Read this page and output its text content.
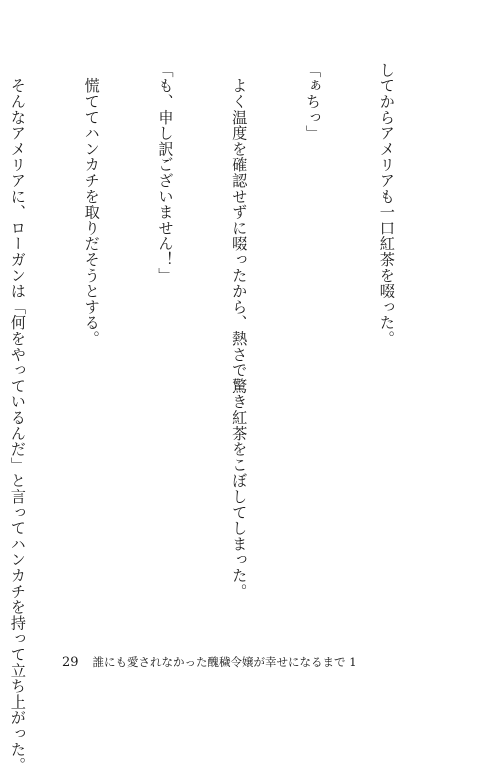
してからアメリアも一口紅茶を啜った。

「ぁちっ」

　よく温度を確認せずに啜ったから、熱さで驚き紅茶をこぼしてしまった。

「も、申し訳ございません！」

　慌ててハンカチを取りだそうとする。

　そんなアメリアに、ローガンは「何をやっているんだ」と言ってハンカチを持って立ち上がった。

	29 誰にも愛されなかった醜穢令嬢が幸せになるまで 1
